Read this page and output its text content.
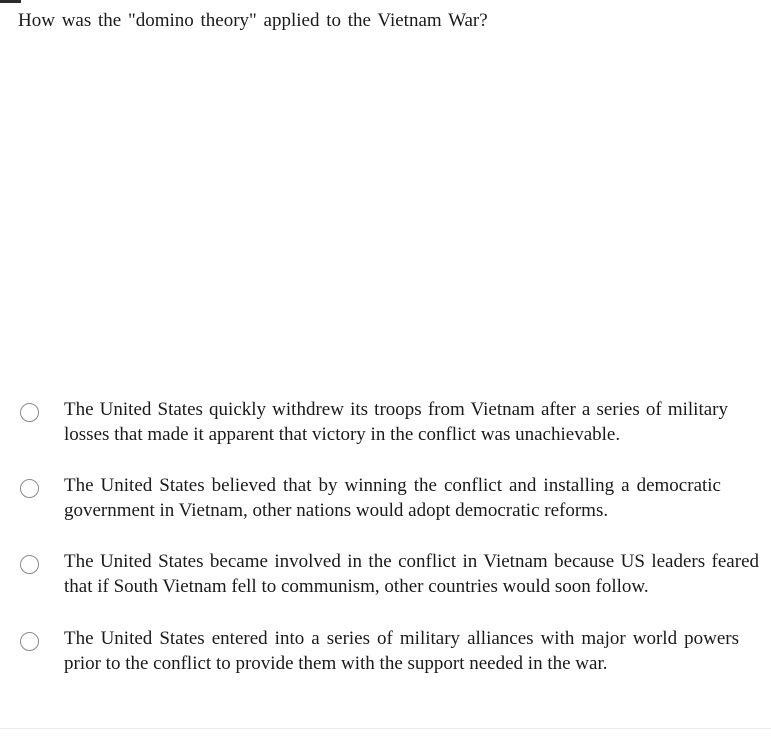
How was the "domino theory" applied to the Vietnam War?
The United States quickly withdrew its troops from Vietnam after a series of military losses that made it apparent that victory in the conflict was unachievable.
The United States believed that by winning the conflict and installing a democratic government in Vietnam, other nations would adopt democratic reforms.
The United States became involved in the conflict in Vietnam because US leaders feared that if South Vietnam fell to communism, other countries would soon follow.
The United States entered into a series of military alliances with major world powers prior to the conflict to provide them with the support needed in the war.
